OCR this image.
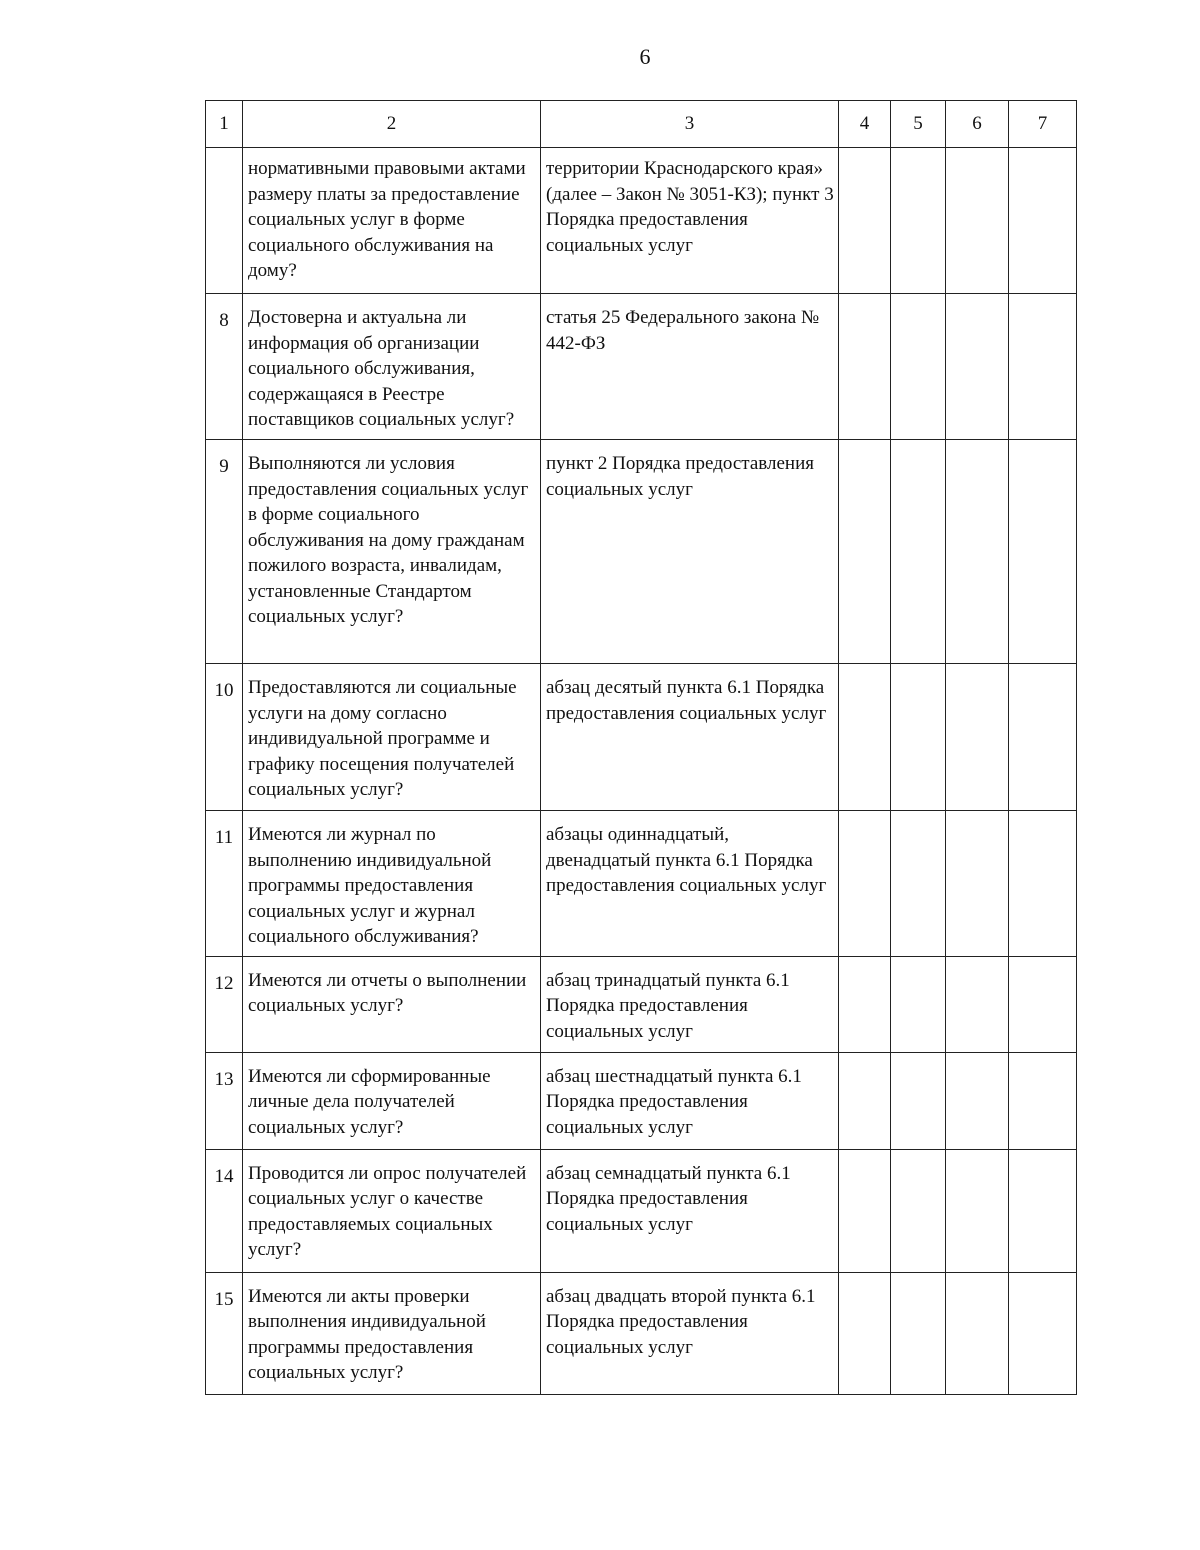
6
1	2	3	4	5	6	7
	нормативными правовыми актами размеру платы за предоставление социальных услуг в форме социального обслуживания на дому?	территории Краснодарского края» (далее – Закон № 3051-КЗ); пункт 3 Порядка предоставления социальных услуг				
8	Достоверна и актуальна ли информация об организации социального обслуживания, содержащаяся в Реестре поставщиков социальных услуг?	статья 25 Федерального закона № 442-ФЗ				
9	Выполняются ли условия предоставления социальных услуг в форме социального обслуживания на дому гражданам пожилого возраста, инвалидам, установленные Стандартом социальных услуг?	пункт 2 Порядка предоставления социальных услуг				
10	Предоставляются ли социальные услуги на дому согласно индивидуальной программе и графику посещения получателей социальных услуг?	абзац десятый пункта 6.1 Порядка предоставления социальных услуг				
11	Имеются ли журнал по выполнению индивидуальной программы предоставления социальных услуг и журнал социального обслуживания?	абзацы одиннадцатый, двенадцатый пункта 6.1 Порядка предоставления социальных услуг				
12	Имеются ли отчеты о выполнении социальных услуг?	абзац тринадцатый пункта 6.1 Порядка предоставления социальных услуг				
13	Имеются ли сформированные личные дела получателей социальных услуг?	абзац шестнадцатый пункта 6.1 Порядка предоставления социальных услуг				
14	Проводится ли опрос получателей социальных услуг о качестве предоставляемых социальных услуг?	абзац семнадцатый пункта 6.1 Порядка предоставления социальных услуг				
15	Имеются ли акты проверки выполнения индивидуальной программы предоставления социальных услуг?	абзац двадцать второй пункта 6.1 Порядка предоставления социальных услуг				
